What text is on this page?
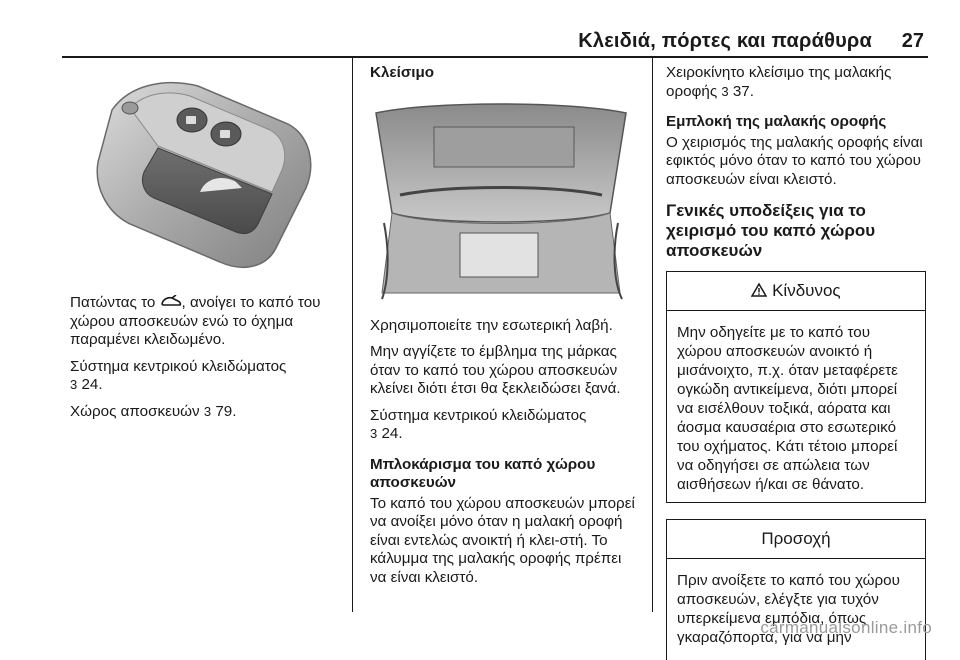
Κλειδιά, πόρτες και παράθυρα 27

Πατώντας το , ανοίγει το καπό του χώρου αποσκευών ενώ το όχημα παραμένει κλειδωμένο.

Σύστημα κεντρικού κλειδώματος
3 24.

Χώρος αποσκευών 3 79.

Κλείσιμο

Χρησιμοποιείτε την εσωτερική λαβή.

Μην αγγίζετε το έμβλημα της μάρκας όταν το καπό του χώρου αποσκευών κλείνει διότι έτσι θα ξεκλειδώσει ξανά.

Σύστημα κεντρικού κλειδώματος
3 24.

Μπλοκάρισμα του καπό χώρου αποσκευών

Το καπό του χώρου αποσκευών μπορεί να ανοίξει μόνο όταν η μαλακή οροφή είναι εντελώς ανοικτή ή κλει-στή. Το κάλυμμα της μαλακής οροφής πρέπει να είναι κλειστό.

Χειροκίνητο κλείσιμο της μαλακής οροφής 3 37.

Εμπλοκή της μαλακής οροφής

Ο χειρισμός της μαλακής οροφής είναι εφικτός μόνο όταν το καπό του χώρου αποσκευών είναι κλειστό.

Γενικές υποδείξεις για το χειρισμό του καπό χώρου αποσκευών
Κίνδυνος
Μην οδηγείτε με το καπό του χώρου αποσκευών ανοικτό ή μισάνοιχτο, π.χ. όταν μεταφέρετε ογκώδη αντικείμενα, διότι μπορεί να εισέλθουν τοξικά, αόρατα και άοσμα καυσαέρια στο εσωτερικό του οχήματος. Κάτι τέτοιο μπορεί να οδηγήσει σε απώλεια των αισθήσεων ή/και σε θάνατο.
Προσοχή
Πριν ανοίξετε το καπό του χώρου αποσκευών, ελέγξτε για τυχόν υπερκείμενα εμπόδια, όπως γκαραζόπορτα, για να μην
carmanualsonline.info
